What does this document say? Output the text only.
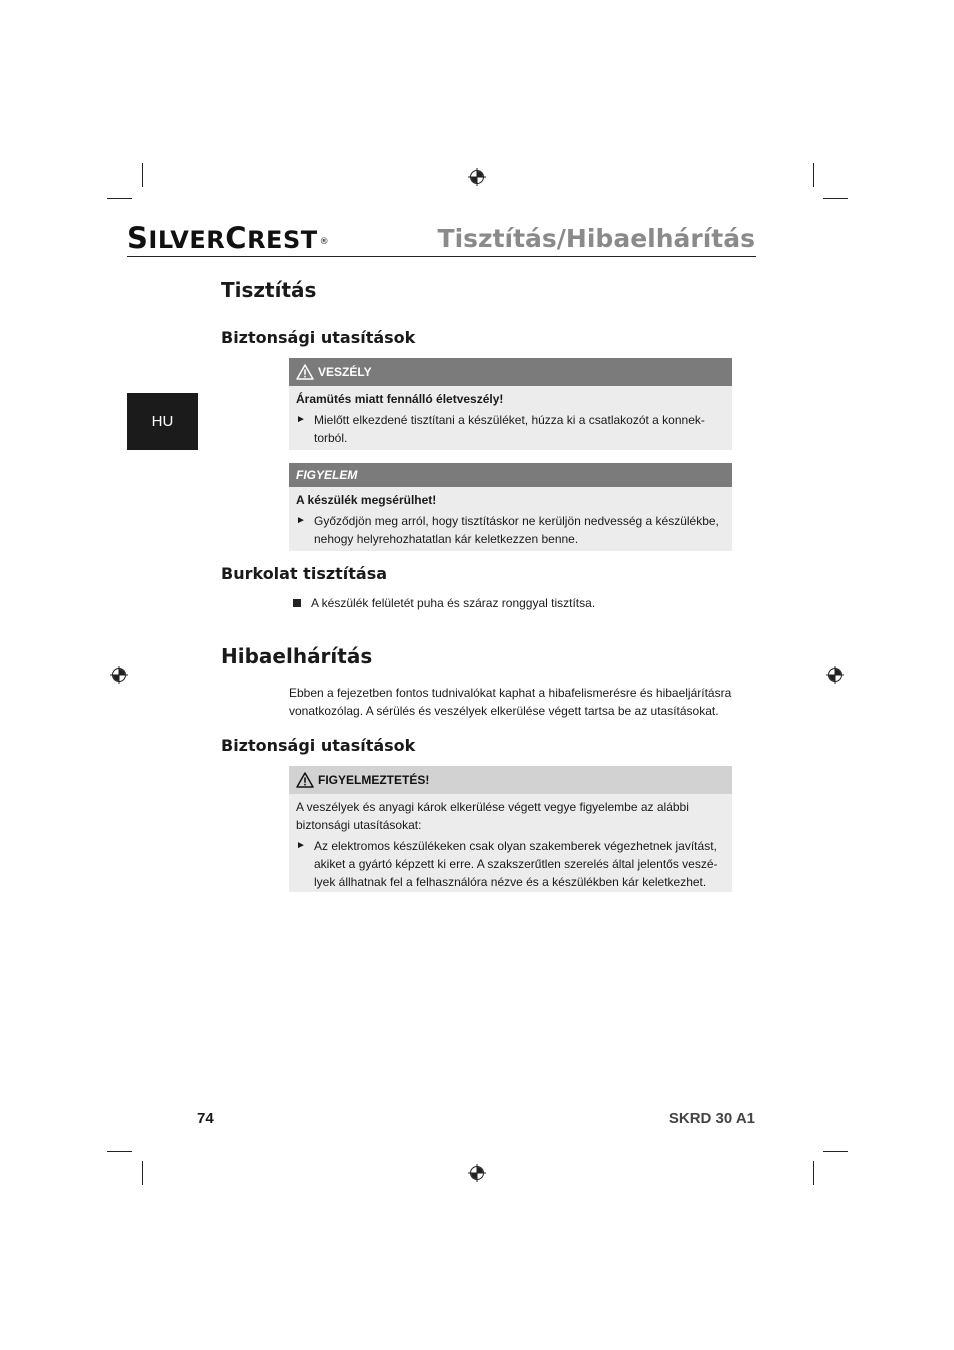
SILVERCREST ®	Tisztítás/Hibaelhárítás
HU
Tisztítás
Biztonsági utasítások
VESZÉLY
Áramütés miatt fennálló életveszély!
► Mielőtt elkezdené tisztítani a készüléket, húzza ki a csatlakozót a konnek- torból.
FIGYELEM
A készülék megsérülhet!
► Győződjön meg arról, hogy tisztításkor ne kerüljön nedvesség a készülékbe, nehogy helyrehozhatatlan kár keletkezzen benne.
Burkolat tisztítása
A készülék felületét puha és száraz ronggyal tisztítsa.
Hibaelhárítás
Ebben a fejezetben fontos tudnivalókat kaphat a hibafelismerésre és hibaeljárításra vonatkozólag. A sérülés és veszélyek elkerülése végett tartsa be az utasításokat.
Biztonsági utasítások
FIGYELMEZTETÉS!
A veszélyek és anyagi károk elkerülése végett vegye figyelembe az alábbi biztonsági utasításokat:
► Az elektromos készülékeken csak olyan szakemberek végezhetnek javítást, akiket a gyártó képzett ki erre. A szakszerűtlen szerelés által jelentős veszé- lyek állhatnak fel a felhasználóra nézve és a készülékben kár keletkezhet.
74	SKRD 30 A1
